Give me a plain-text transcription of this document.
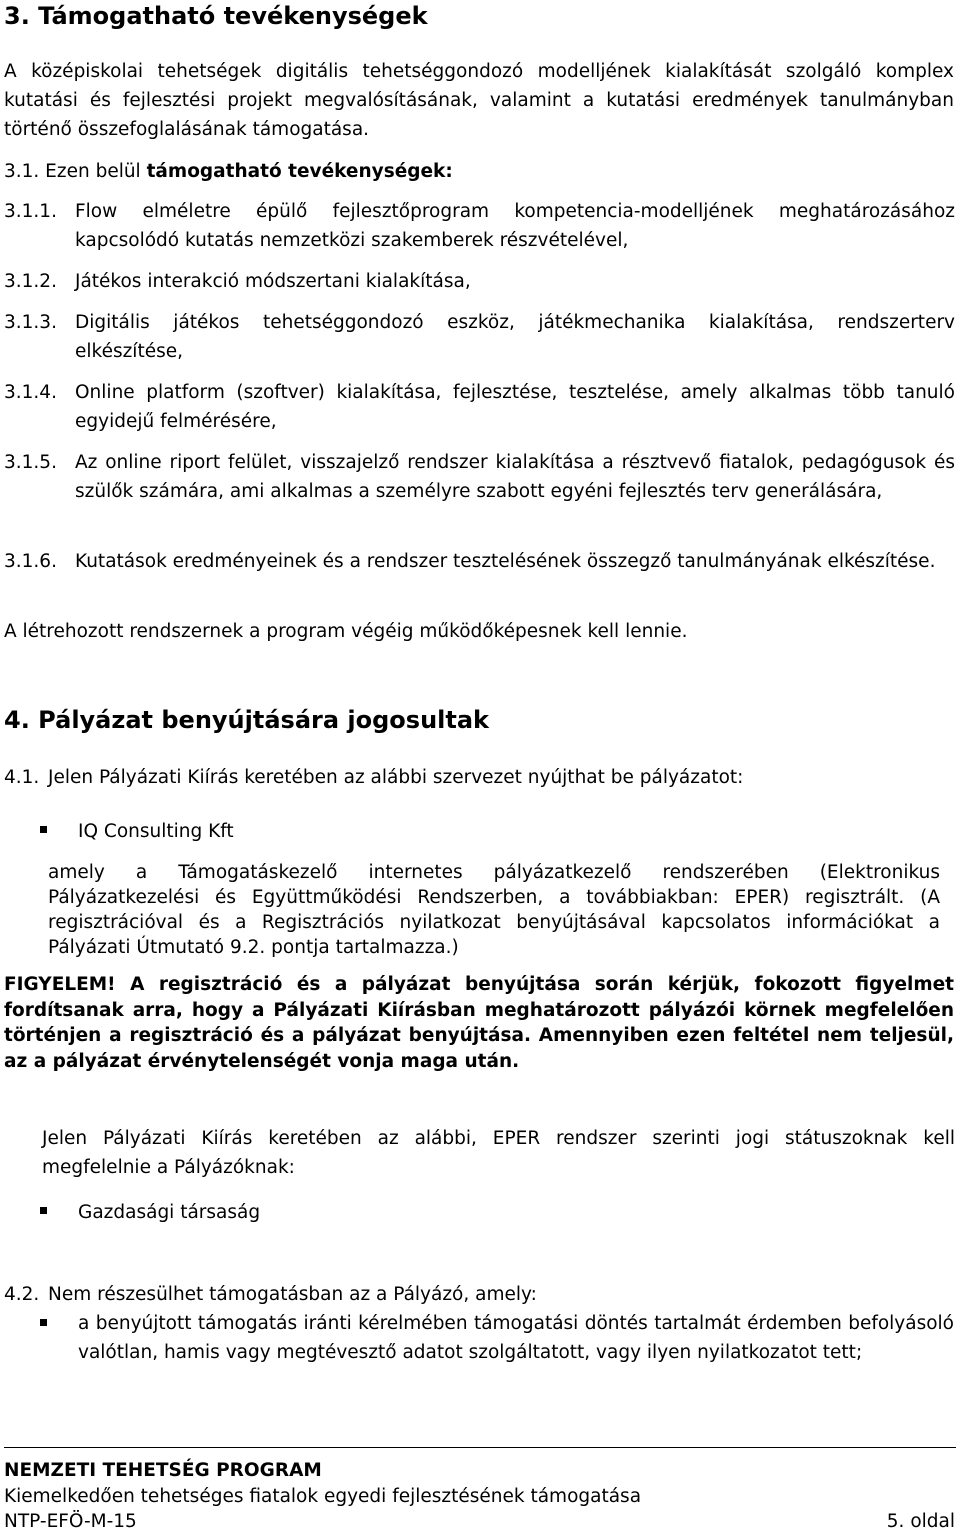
3. Támogatható tevékenységek

A középiskolai tehetségek digitális tehetséggondozó modelljének kialakítását szolgáló komplex kutatási és fejlesztési projekt megvalósításának, valamint a kutatási eredmények tanulmányban történő összefoglalásának támogatása.

3.1. Ezen belül támogatható tevékenységek:

3.1.1. Flow elméletre épülő fejlesztőprogram kompetencia-modelljének meghatározásához kapcsolódó kutatás nemzetközi szakemberek részvételével,

3.1.2. Játékos interakció módszertani kialakítása,

3.1.3. Digitális játékos tehetséggondozó eszköz, játékmechanika kialakítása, rendszerterv elkészítése,

3.1.4. Online platform (szoftver) kialakítása, fejlesztése, tesztelése, amely alkalmas több tanuló egyidejű felmérésére,

3.1.5. Az online riport felület, visszajelző rendszer kialakítása a résztvevő fiatalok, pedagógusok és szülők számára, ami alkalmas a személyre szabott egyéni fejlesztés terv generálására,

3.1.6. Kutatások eredményeinek és a rendszer tesztelésének összegző tanulmányának elkészítése.

A létrehozott rendszernek a program végéig működőképesnek kell lennie.

4. Pályázat benyújtására jogosultak
4.1. Jelen Pályázati Kiírás keretében az alábbi szervezet nyújthat be pályázatot:

IQ Consulting Kft

amely a Támogatáskezelő internetes pályázatkezelő rendszerében (Elektronikus Pályázatkezelési és Együttműködési Rendszerben, a továbbiakban: EPER) regisztrált. (A regisztrációval és a Regisztrációs nyilatkozat benyújtásával kapcsolatos információkat a Pályázati Útmutató 9.2. pontja tartalmazza.)

FIGYELEM! A regisztráció és a pályázat benyújtása során kérjük, fokozott figyelmet fordítsanak arra, hogy a Pályázati Kiírásban meghatározott pályázói körnek megfelelően történjen a regisztráció és a pályázat benyújtása. Amennyiben ezen feltétel nem teljesül, az a pályázat érvénytelenségét vonja maga után.

Jelen Pályázati Kiírás keretében az alábbi, EPER rendszer szerinti jogi státuszoknak kell megfelelnie a Pályázóknak:

Gazdasági társaság

4.2. Nem részesülhet támogatásban az a Pályázó, amely:

a benyújtott támogatás iránti kérelmében támogatási döntés tartalmát érdemben befolyásoló valótlan, hamis vagy megtévesztő adatot szolgáltatott, vagy ilyen nyilatkozatot tett;

NEMZETI TEHETSÉG PROGRAM
Kiemelkedően tehetséges fiatalok egyedi fejlesztésének támogatása
NTP-EFÖ-M-15	5. oldal
